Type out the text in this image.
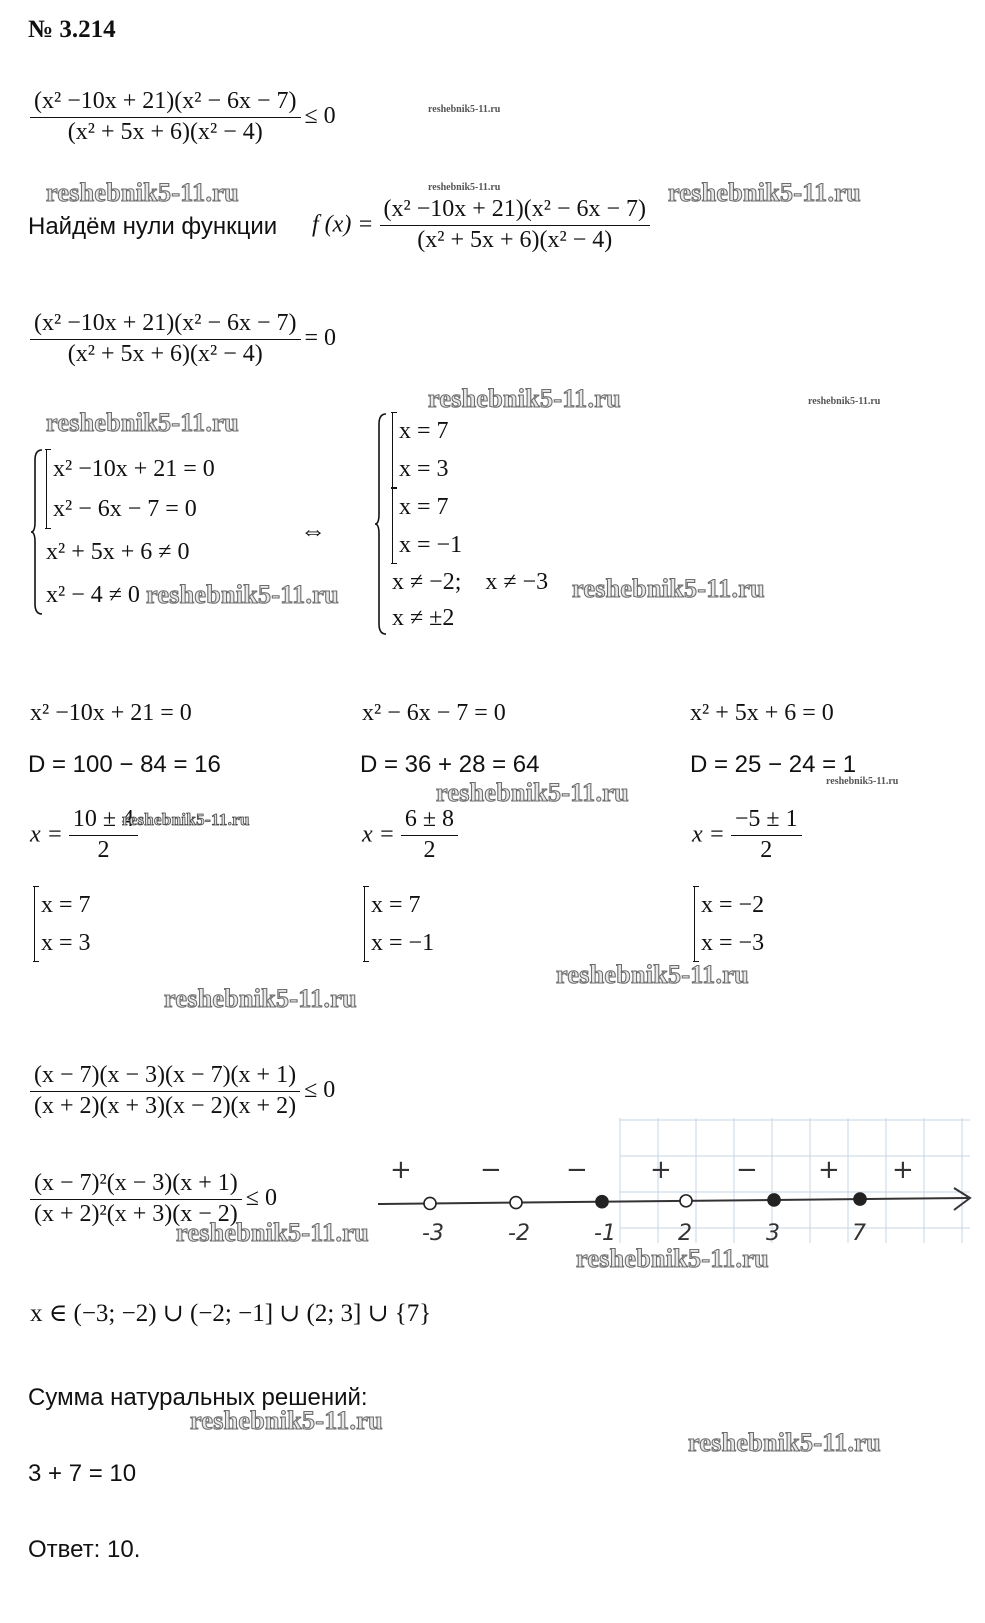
№ 3.214
$\frac{\text{(x² −10x + 21)(x² − 6x − 7)}}{\text{(x² + 5x + 6)(x² − 4)}} \le 0$	reshebnik5-11.ru
reshebnik5-11.ru	reshebnik5-11.ru	reshebnik5-11.ru
Найдём нули функции f $(x) = \frac{\text{(x² −10x + 21)(x² − 6x − 7)}}{\text{(x² + 5x + 6)(x² − 4)}}$
$\frac{\text{(x² −10x + 21)(x² − 6x − 7)}}{\text{(x² + 5x + 6)(x² − 4)}} = 0$
reshebnik5-11.ru	reshebnik5-11.ru
reshebnik5-11.ru
x² −10x + 21 = 0
x² − 6x − 7 = 0
x² + 5x + 6 ≠ 0
x² − 4 ≠ 0 reshebnik5-11.ru
⇔
x = 7
x = 3
x = 7
x = −1
x ≠ −2;    x ≠ −3
x ≠ ±2
reshebnik5-11.ru
x² −10x + 21 = 0	x² − 6x − 7 = 0	x² + 5x + 6 = 0
D = 100 − 84 = 16	D = 36 + 28 = 64	D = 25 − 24 = 1
reshebnik5-11.ru	reshebnik5-11.ru
$x = \frac{10 \pm 4}{2}$
reshebnik5-11.ru
$x = \frac{6 \pm 8}{2}$	$x = \frac{-5 \pm 1}{2}$
x = 7
x = 3
x = 7
x = −1
x = −2
x = −3
reshebnik5-11.ru
reshebnik5-11.ru
$\frac{(x - 7)(x - 3)(x - 7)(x + 1)}{(x + 2)(x + 3)(x - 2)(x + 2)} \le 0$
$\frac{\text{(x − 7)²(x − 3)(x + 1)}}{\text{(x + 2)²(x + 3)(x − 2)}} \le 0$
+	− − + − + +
-3	-2	-1	2	3	7
reshebnik5-11.ru
reshebnik5-11.ru
x ∈ (−3; −2) ∪ (−2; −1] ∪ (2; 3] ∪ {7}
Сумма натуральных решений:
reshebnik5-11.ru
reshebnik5-11.ru
3 + 7 = 10
Ответ: 10.
